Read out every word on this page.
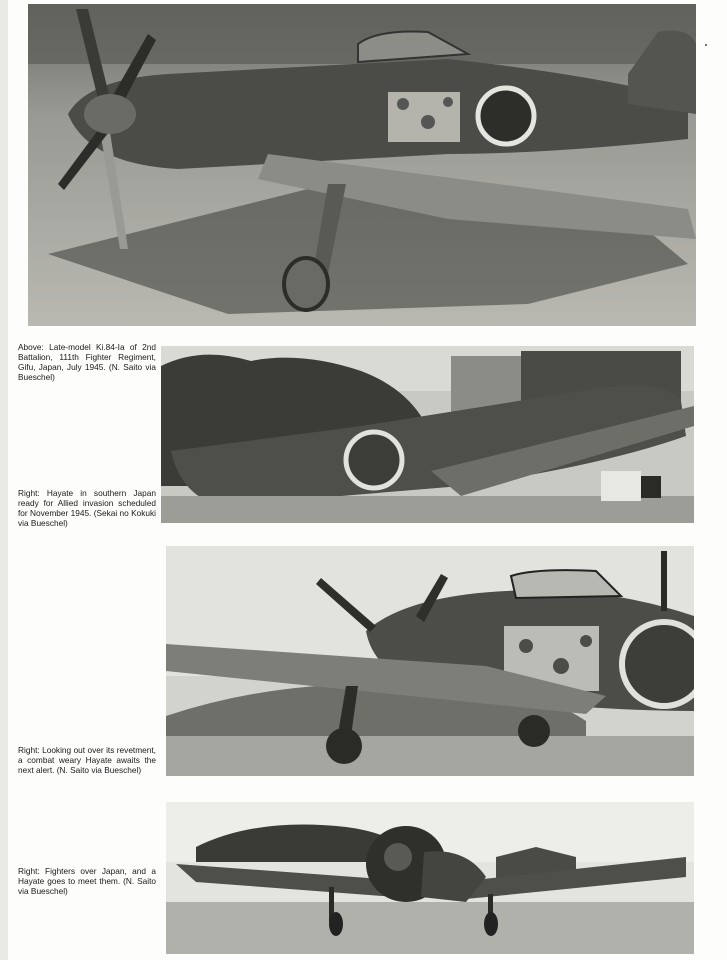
Above: Late-model Ki.84-Ia of 2nd Battalion, 111th Fighter Regiment, Gifu, Japan, July 1945. (N. Saito via Bueschel)
Right: Hayate in southern Japan ready for Allied invasion scheduled for November 1945. (Sekai no Kokuki via Bueschel)
Right: Looking out over its revetment, a combat weary Hayate awaits the next alert. (N. Saito via Bueschel)
Right: Fighters over Japan, and a Hayate goes to meet them. (N. Saito via Bueschel)
